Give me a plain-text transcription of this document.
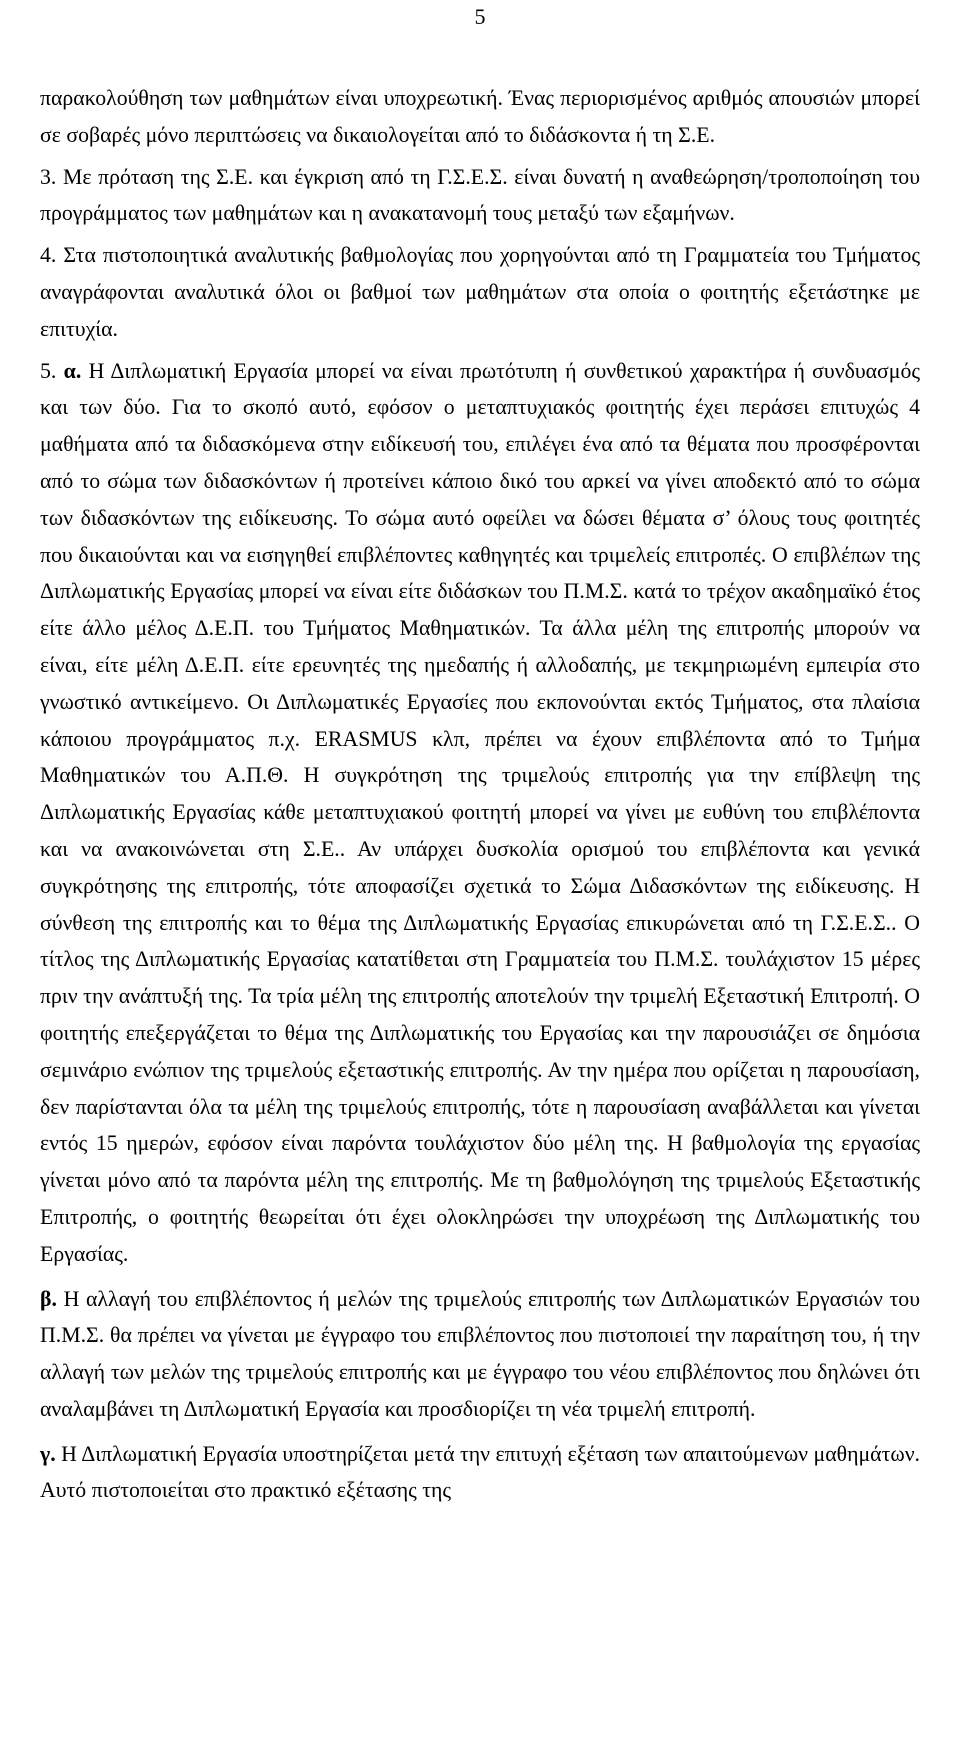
5

παρακολούθηση των μαθημάτων είναι υποχρεωτική. Ένας περιορισμένος αριθμός απουσιών μπορεί σε σοβαρές μόνο περιπτώσεις να δικαιολογείται από το διδάσκοντα ή τη Σ.Ε.

3. Με πρόταση της Σ.Ε. και έγκριση από τη Γ.Σ.Ε.Σ. είναι δυνατή η αναθεώρηση/τροποποίηση του προγράμματος των μαθημάτων και η ανακατανομή τους μεταξύ των εξαμήνων.

4. Στα πιστοποιητικά αναλυτικής βαθμολογίας που χορηγούνται από τη Γραμματεία του Τμήματος αναγράφονται αναλυτικά όλοι οι βαθμοί των μαθημάτων στα οποία ο φοιτητής εξετάστηκε με επιτυχία.

5. α. Η Διπλωματική Εργασία μπορεί να είναι πρωτότυπη ή συνθετικού χαρακτήρα ή συνδυασμός και των δύο. Για το σκοπό αυτό, εφόσον ο μεταπτυχιακός φοιτητής έχει περάσει επιτυχώς 4 μαθήματα από τα διδασκόμενα στην ειδίκευσή του, επιλέγει ένα από τα θέματα που προσφέρονται από το σώμα των διδασκόντων ή προτείνει κάποιο δικό του αρκεί να γίνει αποδεκτό από το σώμα των διδασκόντων της ειδίκευσης. Το σώμα αυτό οφείλει να δώσει θέματα σ’ όλους τους φοιτητές που δικαιούνται και να εισηγηθεί επιβλέποντες καθηγητές και τριμελείς επιτροπές. Ο επιβλέπων της Διπλωματικής Εργασίας μπορεί να είναι είτε διδάσκων του Π.Μ.Σ. κατά το τρέχον ακαδημαϊκό έτος είτε άλλο μέλος Δ.Ε.Π. του Τμήματος Μαθηματικών. Τα άλλα μέλη της επιτροπής μπορούν να είναι, είτε μέλη Δ.Ε.Π. είτε ερευνητές της ημεδαπής ή αλλοδαπής, με τεκμηριωμένη εμπειρία στο γνωστικό αντικείμενο. Οι Διπλωματικές Εργασίες που εκπονούνται εκτός Τμήματος, στα πλαίσια κάποιου προγράμματος π.χ. ERASMUS κλπ, πρέπει να έχουν επιβλέποντα από το Τμήμα Μαθηματικών του Α.Π.Θ. Η συγκρότηση της τριμελούς επιτροπής για την επίβλεψη της Διπλωματικής Εργασίας κάθε μεταπτυχιακού φοιτητή μπορεί να γίνει με ευθύνη του επιβλέποντα και να ανακοινώνεται στη Σ.Ε.. Αν υπάρχει δυσκολία ορισμού του επιβλέποντα και γενικά συγκρότησης της επιτροπής, τότε αποφασίζει σχετικά το Σώμα Διδασκόντων της ειδίκευσης. Η σύνθεση της επιτροπής και το θέμα της Διπλωματικής Εργασίας επικυρώνεται από τη Γ.Σ.Ε.Σ.. Ο τίτλος της Διπλωματικής Εργασίας κατατίθεται στη Γραμματεία του Π.Μ.Σ. τουλάχιστον 15 μέρες πριν την ανάπτυξή της. Τα τρία μέλη της επιτροπής αποτελούν την τριμελή Εξεταστική Επιτροπή. Ο φοιτητής επεξεργάζεται το θέμα της Διπλωματικής του Εργασίας και την παρουσιάζει σε δημόσια σεμινάριο ενώπιον της τριμελούς εξεταστικής επιτροπής. Αν την ημέρα που ορίζεται η παρουσίαση, δεν παρίστανται όλα τα μέλη της τριμελούς επιτροπής, τότε η παρουσίαση αναβάλλεται και γίνεται εντός 15 ημερών, εφόσον είναι παρόντα τουλάχιστον δύο μέλη της. Η βαθμολογία της εργασίας γίνεται μόνο από τα παρόντα μέλη της επιτροπής. Με τη βαθμολόγηση της τριμελούς Εξεταστικής Επιτροπής, ο φοιτητής θεωρείται ότι έχει ολοκληρώσει την υποχρέωση της Διπλωματικής του Εργασίας.

β. Η αλλαγή του επιβλέποντος ή μελών της τριμελούς επιτροπής των Διπλωματικών Εργασιών του Π.Μ.Σ. θα πρέπει να γίνεται με έγγραφο του επιβλέποντος που πιστοποιεί την παραίτηση του, ή την αλλαγή των μελών της τριμελούς επιτροπής και με έγγραφο του νέου επιβλέποντος που δηλώνει ότι αναλαμβάνει τη Διπλωματική Εργασία και προσδιορίζει τη νέα τριμελή επιτροπή.

γ. Η Διπλωματική Εργασία υποστηρίζεται μετά την επιτυχή εξέταση των απαιτούμενων μαθημάτων. Αυτό πιστοποιείται στο πρακτικό εξέτασης της
